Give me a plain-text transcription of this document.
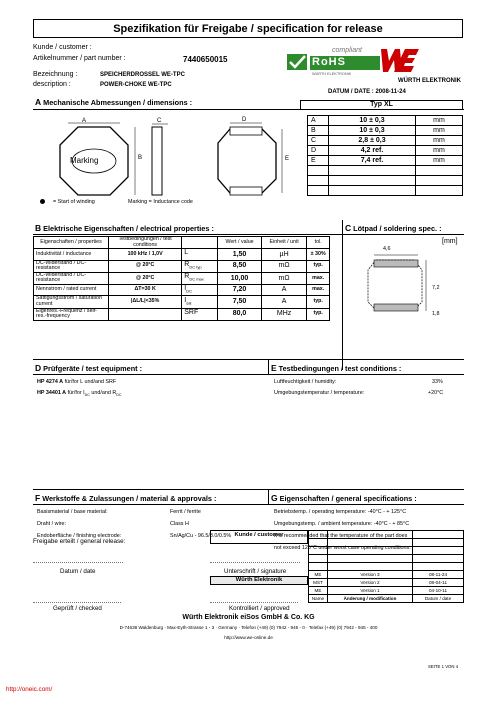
Spezifikation für Freigabe / specification for release
Kunde / customer :
Artikelnummer / part number :	7440650015
Bezeichnung :	SPEICHERDROSSEL WE-TPC
description :	POWER-CHOKE WE-TPC
compliant
RoHS
WÜRTH ELEKTRONIK
WÜRTH ELEKTRONIK
DATUM / DATE : 2008-11-24
A Mechanische Abmessungen / dimensions :	Typ XL
A
B
C	D
E
Marking
A	10 ± 0,3	mm
B	10 ± 0,3	mm
C	2,8 ± 0,3	mm
D	4,2 ref.	mm
E	7,4 ref.	mm

= Start of winding	Marking = Inductance code
B Elektrische Eigenschaften / electrical properties :
Eigenschaften / properties	Testbedingungen / test conditions		Wert / value	Einheit / unit	tol.
Induktivität / inductance	100 kHz / 1,0V	L	1,50	µH	± 30%
DC-Widerstand / DC-resistance	@ 20°C	$R_{DC typ}$	8,50	mΩ	typ.
DC-Widerstand / DC-resistance	@ 20°C	$R_{DC max}$	10,00	mΩ	max.
Nennstrom / rated current	ΔT=30 K	$I_{DC}$	7,20	A	max.
Sättigungsstrom / saturation current	|ΔL/L|<35%	$I_{sat}$	7,50	A	typ.
Eigenres.-Frequenz / self-res.-frequency		SRF	80,0	MHz	typ.
C Lötpad / soldering spec. :
[mm]
4,6
7,2
1,8
D Prüfgeräte / test equipment :
HP 4274 A für/for L und/and SRF
HP 34401 A für/for $I_{DC}$ und/and $R_{DC}$
E Testbedingungen / test conditions :
Luftfeuchtigkeit / humidity:	33%
Umgebungstemperatur / temperature:	+20°C
F Werkstoffe & Zulassungen / material & approvals :
Basismaterial / base material:	Ferrit / ferrite
Draht / wire:	Class H
Endoberfläche / finishing electrode:	Sn/Ag/Cu - 96.5/3.0/0.5%
G Eigenschaften / general specifications :
Betriebstemp. / operating temperature: -40°C - + 125°C
Umgebungstemp. / ambient temperature: -40°C - + 85°C
It is recommended that the temperature of the part does
not exceed 125°C under worst case operating conditions.
Freigabe erteilt / general release:
Kunde / customer
Datum / date	Unterschrift / signature
Würth Elektronik
Geprüft / checked	Kontrolliert / approved

ME	Version 3	08-11-24
MST	Version 2	08-04-11
ME	Version 1	04-10-11
Name	Änderung / modification	Datum / date
Würth Elektronik eiSos GmbH & Co. KG
D-74638 Waldenburg · Max-Eyth-Strasse 1 - 3 · Germany · Telefon (+49) (0) 7942 - 945 - 0 · Telefax (+49) (0) 7942 - 945 - 400
http://www.we-online.de
SEITE 1 VON 4
http://oneic.com/
